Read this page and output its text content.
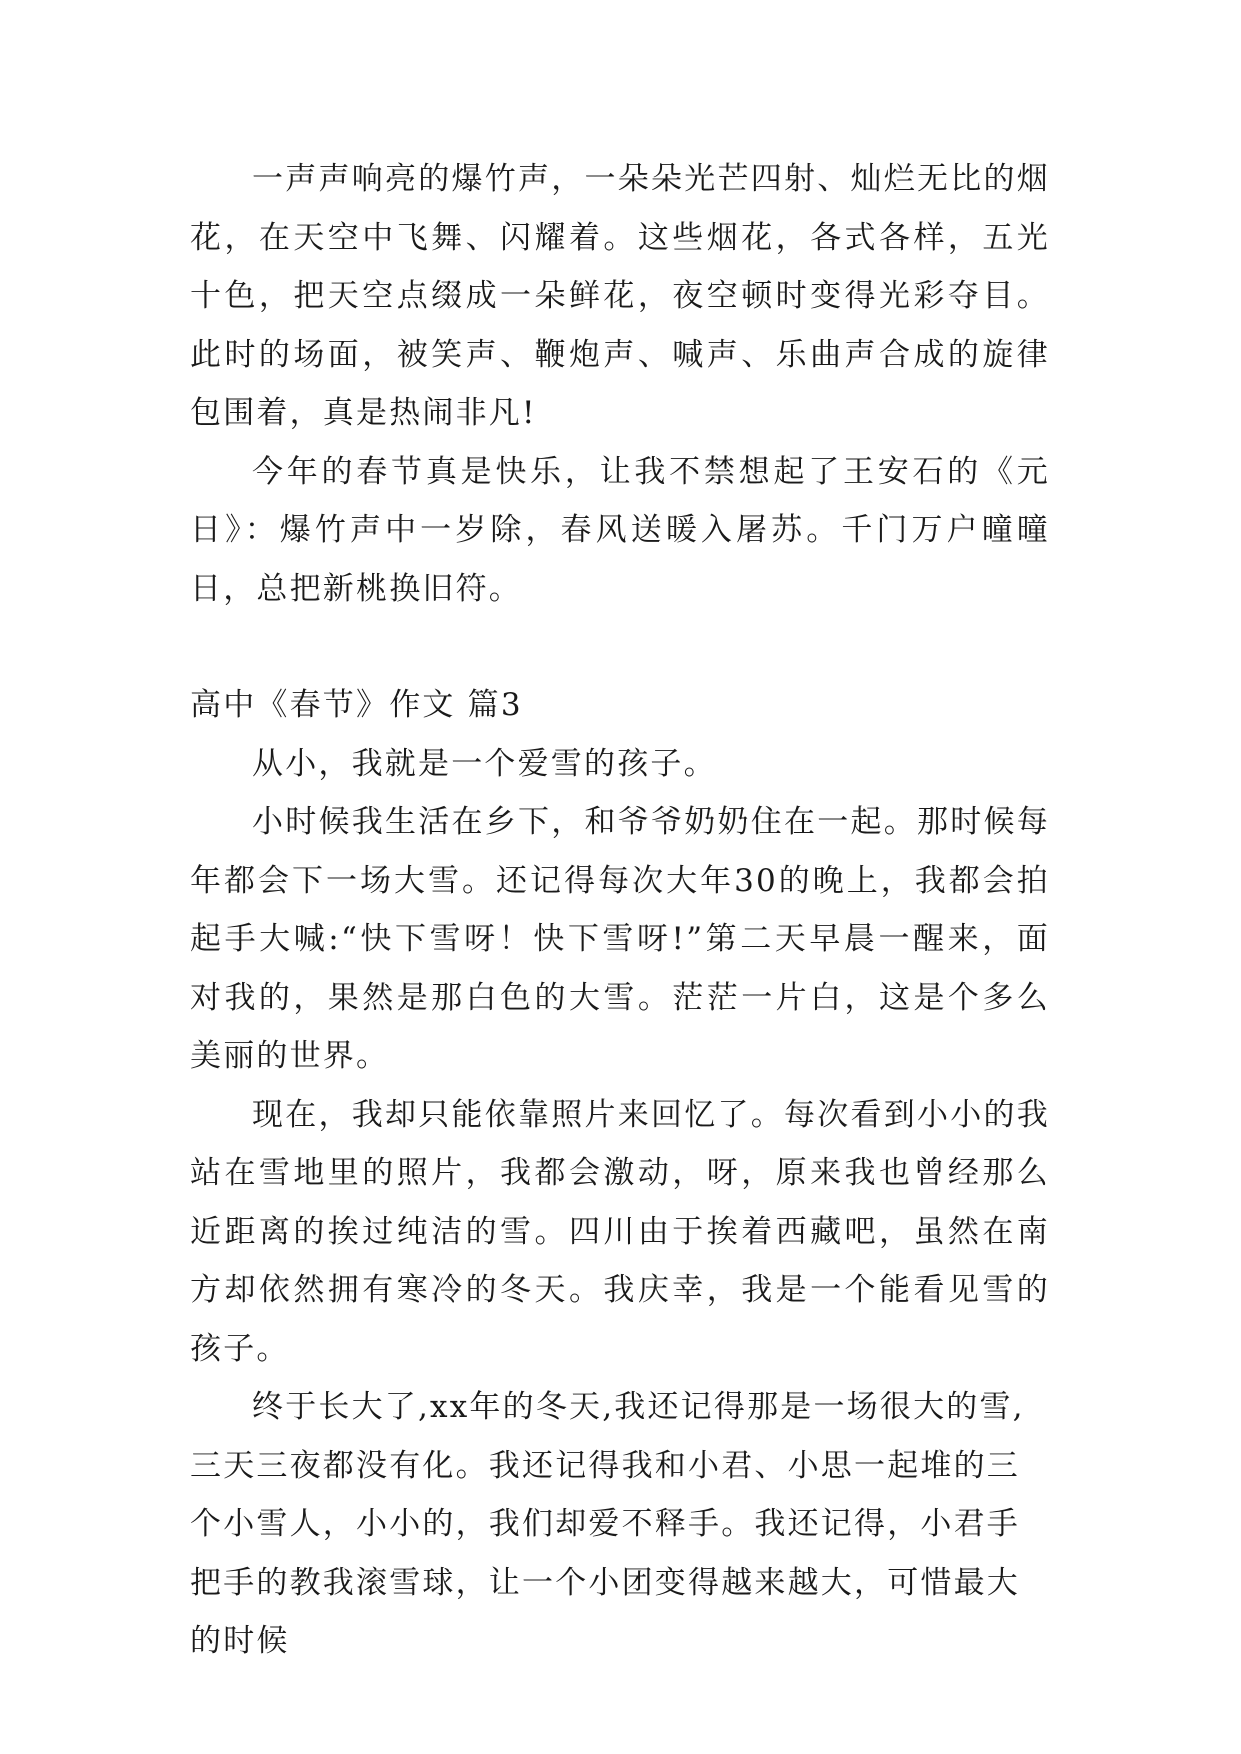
一声声响亮的爆竹声，一朵朵光芒四射、灿烂无比的烟花，在天空中飞舞、闪耀着。这些烟花，各式各样，五光十色，把天空点缀成一朵鲜花，夜空顿时变得光彩夺目。此时的场面，被笑声、鞭炮声、喊声、乐曲声合成的旋律包围着，真是热闹非凡!

今年的春节真是快乐，让我不禁想起了王安石的《元日》：爆竹声中一岁除，春风送暖入屠苏。千门万户曈曈日，总把新桃换旧符。

高中《春节》作文 篇3

从小，我就是一个爱雪的孩子。

小时候我生活在乡下，和爷爷奶奶住在一起。那时候每年都会下一场大雪。还记得每次大年30的晚上，我都会拍起手大喊:“快下雪呀！快下雪呀!”第二天早晨一醒来，面对我的，果然是那白色的大雪。茫茫一片白，这是个多么美丽的世界。

现在，我却只能依靠照片来回忆了。每次看到小小的我站在雪地里的照片，我都会激动，呀，原来我也曾经那么近距离的挨过纯洁的雪。四川由于挨着西藏吧，虽然在南方却依然拥有寒冷的冬天。我庆幸，我是一个能看见雪的孩子。

终于长大了,xx年的冬天,我还记得那是一场很大的雪,三天三夜都没有化。我还记得我和小君、小思一起堆的三个小雪人，小小的，我们却爱不释手。我还记得，小君手把手的教我滚雪球，让一个小团变得越来越大，可惜最大的时候
